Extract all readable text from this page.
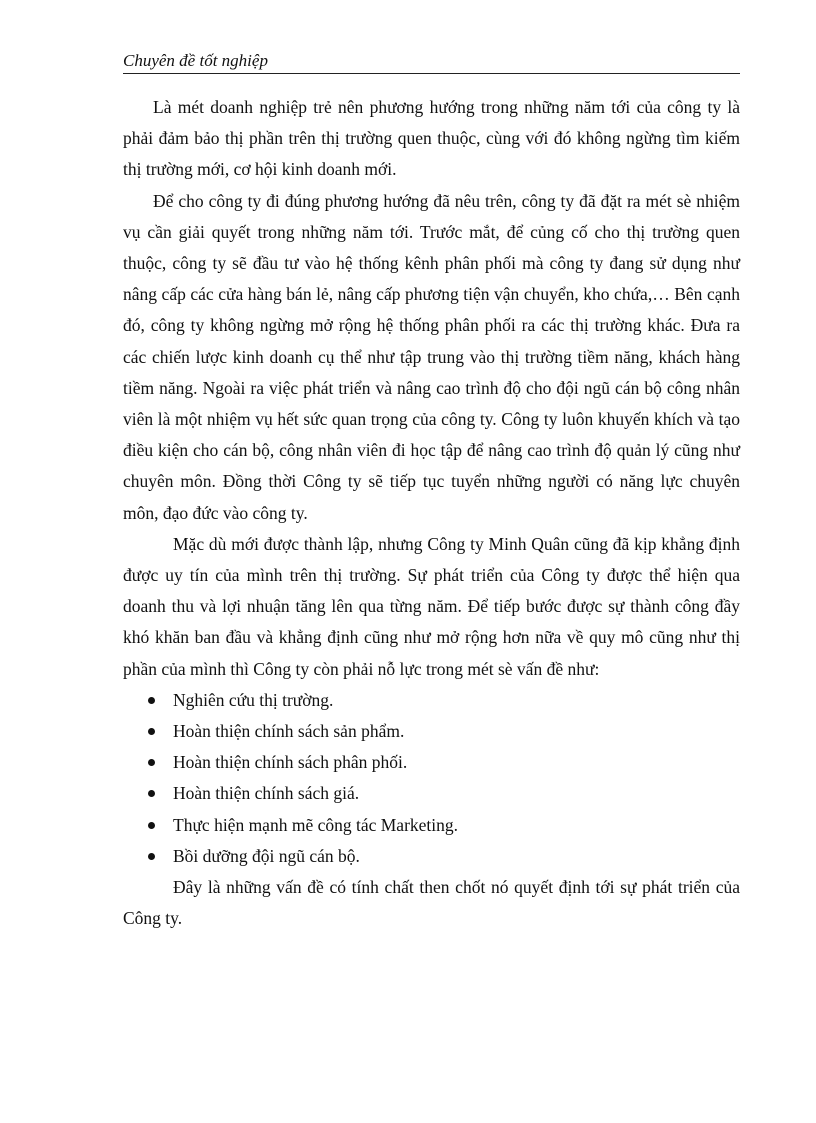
Chuyên đề tốt nghiệp

Là mét doanh nghiệp trẻ nên phương hướng trong những năm tới của công ty là phải đảm bảo thị phần trên thị trường quen thuộc, cùng với đó không ngừng tìm kiếm thị trường mới, cơ hội kinh doanh mới.

Để cho công ty đi đúng phương hướng đã nêu trên, công ty đã đặt ra mét sè nhiệm vụ cần giải quyết trong những năm tới. Trước mắt, để củng cố cho thị trường quen thuộc, công ty sẽ đầu tư vào hệ thống kênh phân phối mà công ty đang sử dụng như nâng cấp các cửa hàng bán lẻ, nâng cấp phương tiện vận chuyển, kho chứa,… Bên cạnh đó, công ty không ngừng mở rộng hệ thống phân phối ra các thị trường khác. Đưa ra các chiến lược kinh doanh cụ thể như tập trung vào thị trường tiềm năng, khách hàng tiềm năng. Ngoài ra việc phát triển và nâng cao trình độ cho đội ngũ cán bộ công nhân viên là một nhiệm vụ hết sức quan trọng của công ty. Công ty luôn khuyến khích và tạo điều kiện cho cán bộ, công nhân viên đi học tập để nâng cao trình độ quản lý cũng như chuyên môn. Đồng thời Công ty sẽ tiếp tục tuyển những người có năng lực chuyên môn, đạo đức vào công ty.

Mặc dù mới được thành lập, nhưng Công ty Minh Quân cũng đã kịp khẳng định được uy tín của mình trên thị trường. Sự phát triển của Công ty được thể hiện qua doanh thu và lợi nhuận tăng lên qua từng năm. Để tiếp bước được sự thành công đầy khó khăn ban đầu và khẳng định cũng như mở rộng hơn nữa về quy mô cũng như thị phần của mình thì Công ty còn phải nỗ lực trong mét sè vấn đề như:

Nghiên cứu thị trường.
Hoàn thiện chính sách sản phẩm.
Hoàn thiện chính sách phân phối.
Hoàn thiện chính sách giá.
Thực hiện mạnh mẽ công tác Marketing.
Bồi dưỡng đội ngũ cán bộ.

Đây là những vấn đề có tính chất then chốt nó quyết định tới sự phát triển của Công ty.
